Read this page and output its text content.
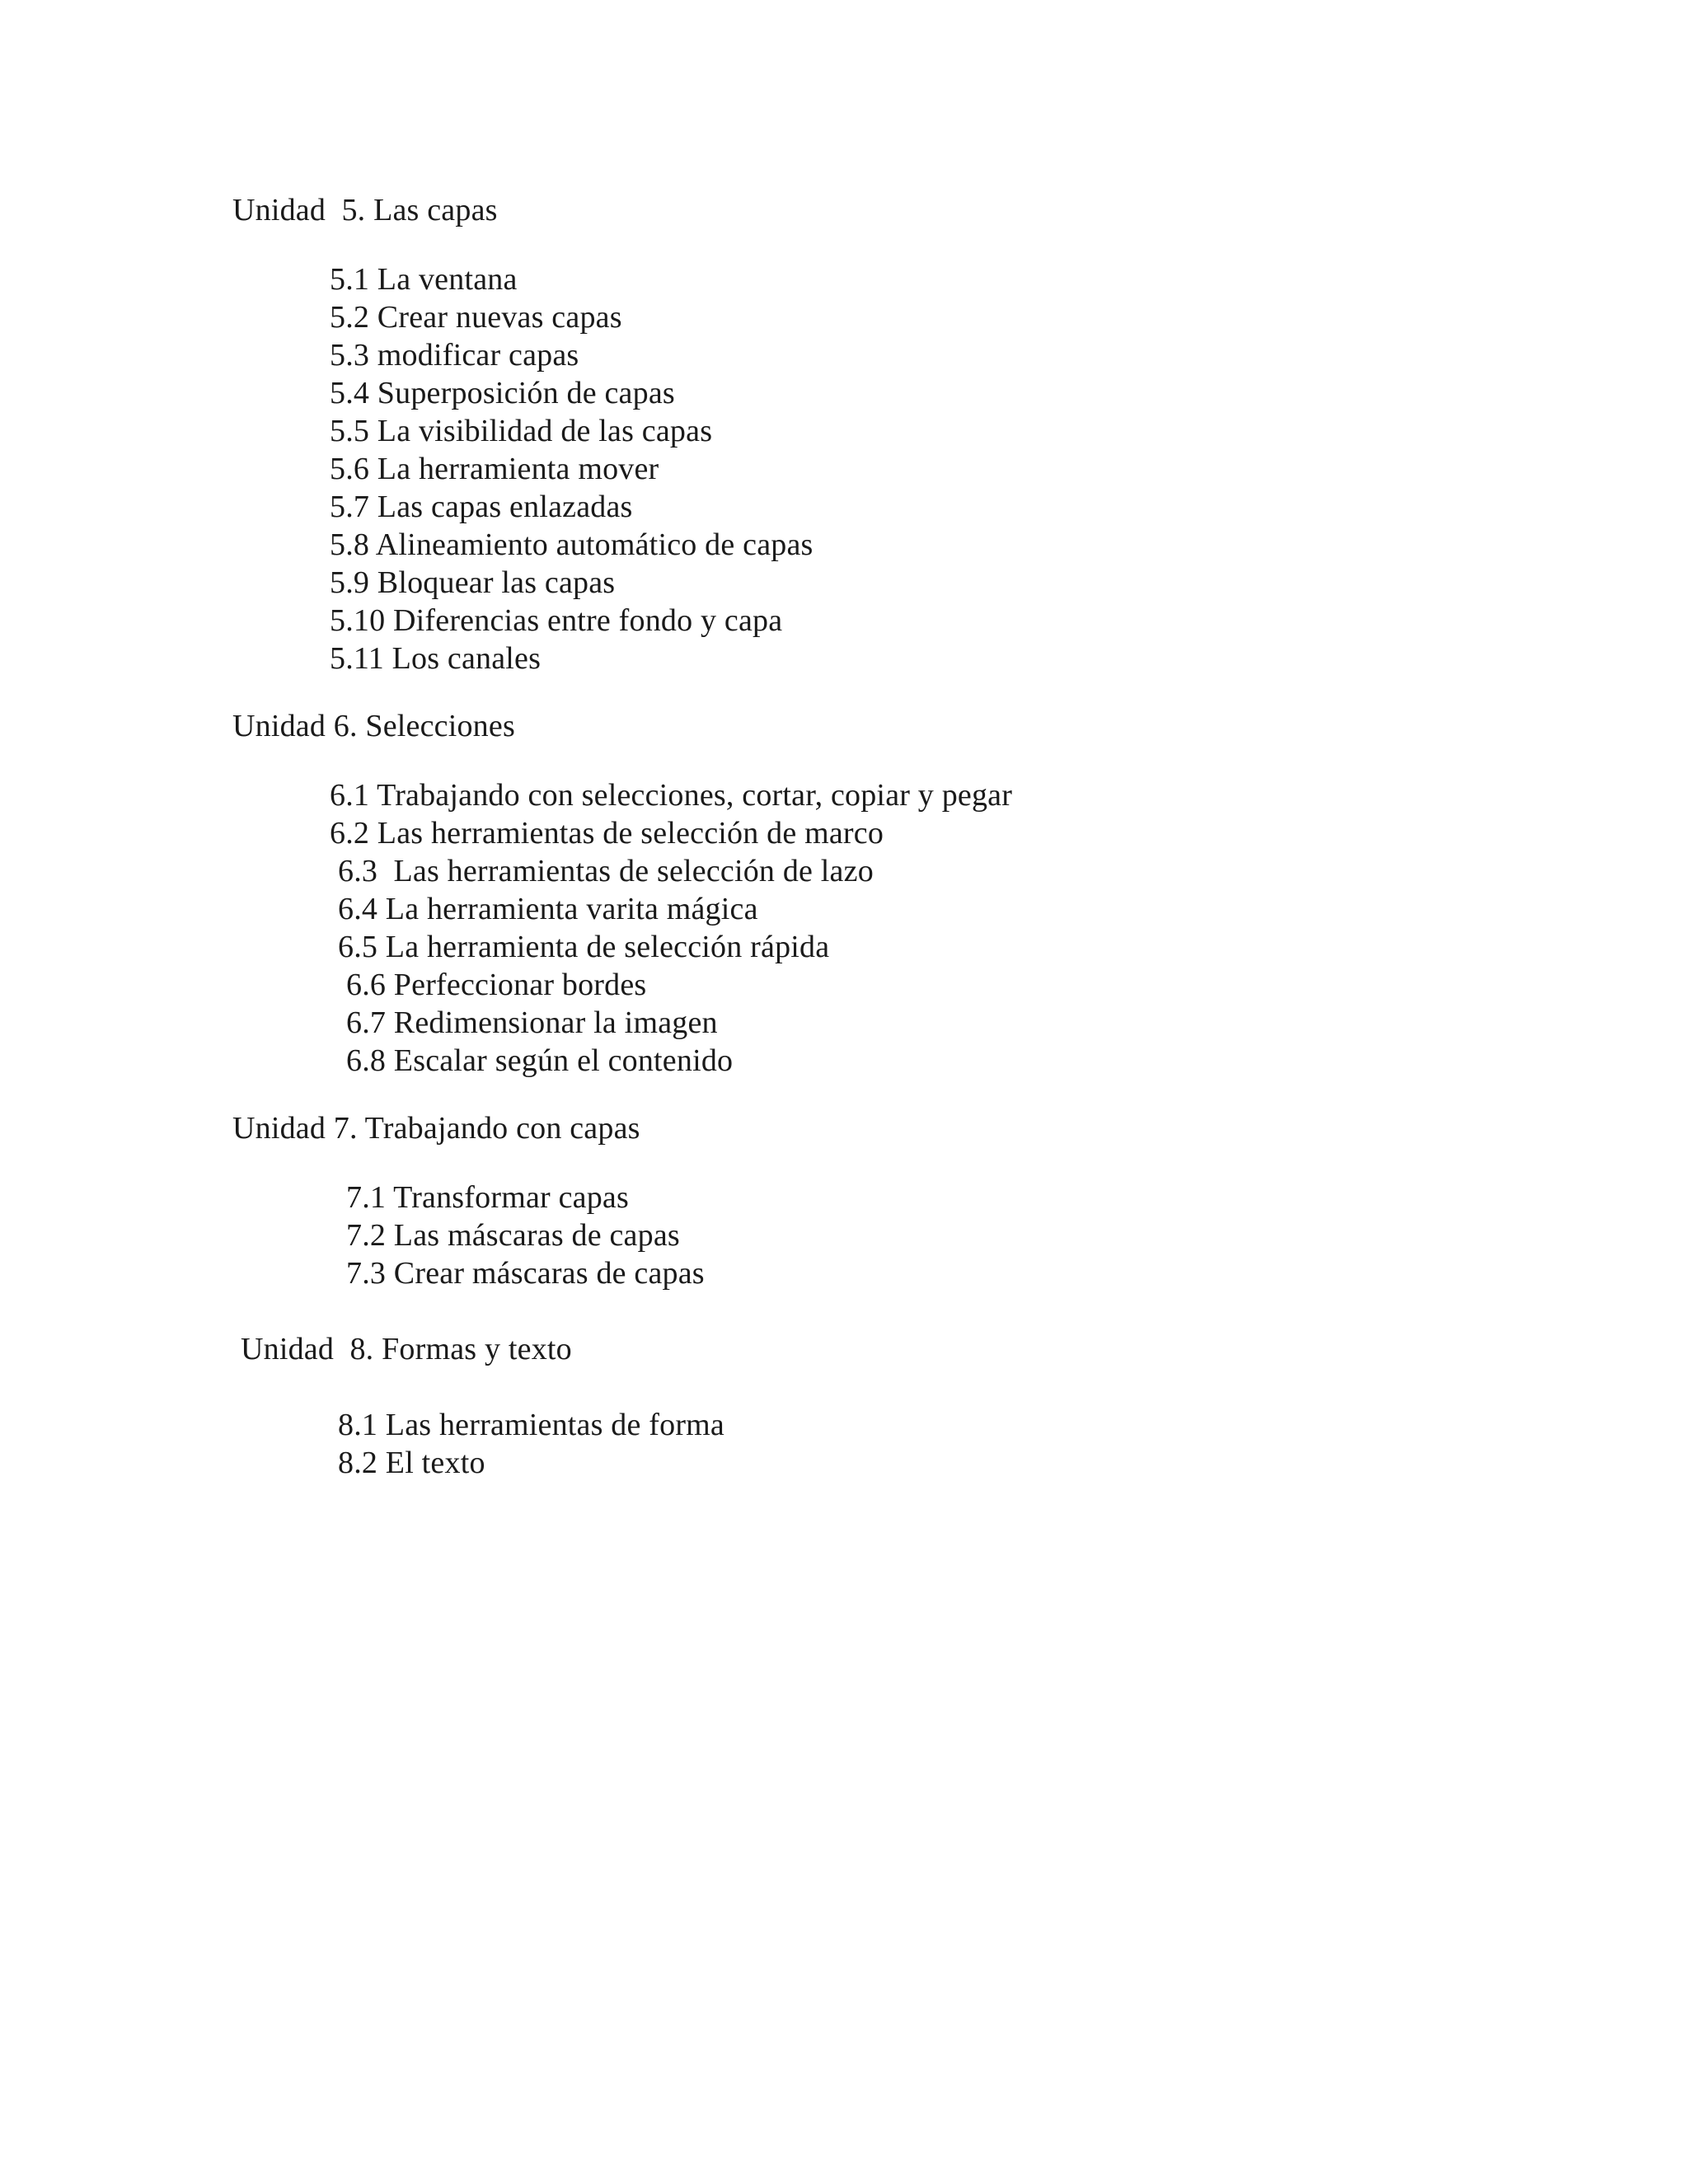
Unidad  5. Las capas
5.1 La ventana
5.2 Crear nuevas capas
5.3 modificar capas
5.4 Superposición de capas
5.5 La visibilidad de las capas
5.6 La herramienta mover
5.7 Las capas enlazadas
5.8 Alineamiento automático de capas
5.9 Bloquear las capas
5.10 Diferencias entre fondo y capa
5.11 Los canales
Unidad 6. Selecciones
6.1 Trabajando con selecciones, cortar, copiar y pegar
6.2 Las herramientas de selección de marco
6.3  Las herramientas de selección de lazo
6.4 La herramienta varita mágica
6.5 La herramienta de selección rápida
6.6 Perfeccionar bordes
6.7 Redimensionar la imagen
6.8 Escalar según el contenido
Unidad 7. Trabajando con capas
7.1 Transformar capas
7.2 Las máscaras de capas
7.3 Crear máscaras de capas
Unidad  8. Formas y texto
8.1 Las herramientas de forma
8.2 El texto
